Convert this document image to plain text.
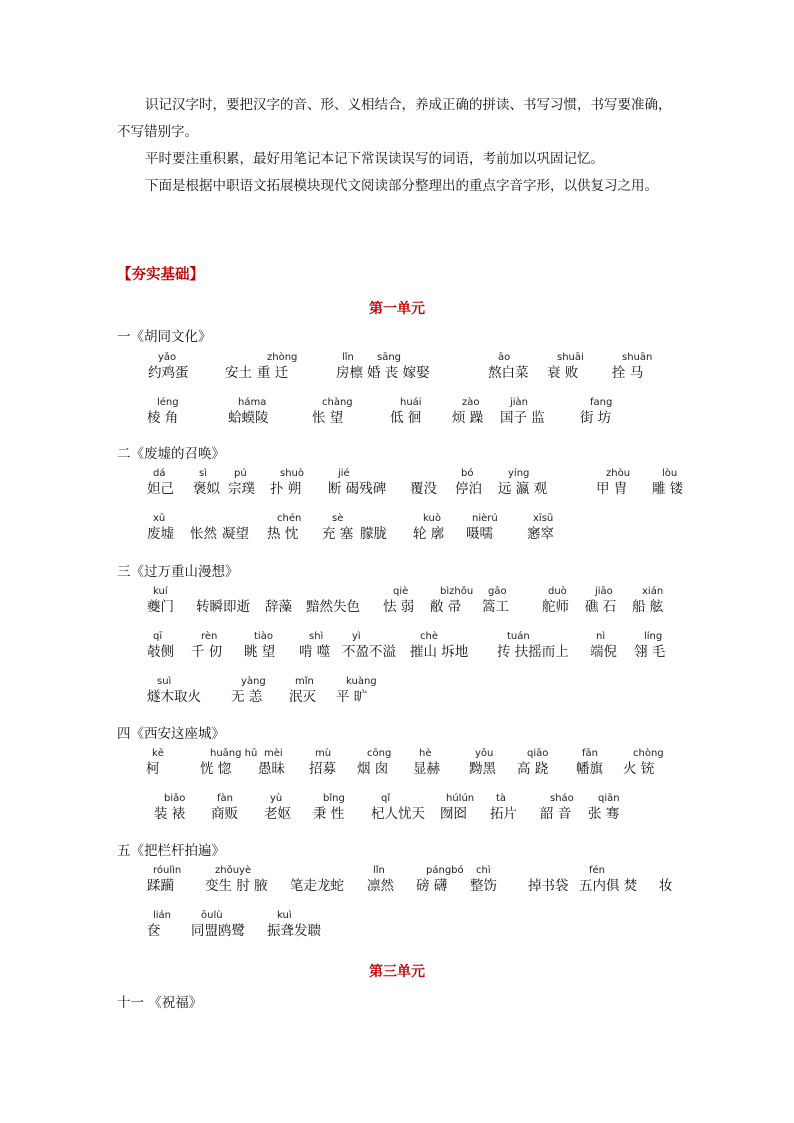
识记汉字时，要把汉字的音、形、义相结合，养成正确的拼读、书写习惯，书写要准确，不写错别字。

平时要注重积累，最好用笔记本记下常误读误写的词语，考前加以巩固记忆。

下面是根据中职语文拓展模块现代文阅读部分整理出的重点字音字形，以供复习之用。

【夯实基础】
第一单元
一《胡同文化》
yǎo
约鸡蛋	安土
zhòng
重 迁
lǐn
房檩
sāng
婚 丧 嫁娶
āo
熬白菜
shuāi
衰 败
shuān
拴 马
léng
棱 角
háma
蛤蟆陵
chàng
怅 望
huái
低 徊
zào
烦 躁
jiàn
国子 监
fang
街 坊
二《废墟的召唤》
dá
妲己
sì
褒姒
pú
宗璞
shuò
扑 朔
jié
断 碣残碑 覆没
bó
停泊
yíng
远 瀛 观
zhòu
甲 胄
lòu
雕 镂
xū
废墟 怅然 凝望
chén
热 忱
sè
充 塞 朦胧
kuò
轮 廓
nièrú
嗫嚅
xīsū
窸窣
三《过万重山漫想》
kuí
夔门 转瞬即逝 辞藻 黯然失色
qiè
怯 弱
bìzhǒu
敝 帚
gāo
篙工
duò
舵师
jiāo
礁 石
xián
船 舷
qī
攲侧
rèn
千 仞
tiào
眺 望
shì
啃 噬
yì
不盈不溢
chè
摧山 坼地
tuán
抟 扶摇而上
nì
端倪
líng
翎 毛
suì
燧木取火
yàng
无 恙
mǐn
泯灭
kuàng
平 旷
四《西安这座城》
kē
柯
huǎng hū
恍 惚
mèi
愚昧
mù
招募
cōng
烟 囱
hè
显赫
yǒu
黝黑
qiāo
高 跷
fān
幡旗
chòng
火 铳
biǎo
装 裱
fàn
商贩
yù
老妪
bǐng
秉 性
qǐ
杞人忧天
húlún
囫囵
tà
拓片
sháo
韶 音
qiān
张 骞
五《把栏杆拍遍》
róulìn
蹂躏
zhǒuyè
变生 肘 腋 笔走龙蛇
lǐn
凛然
pángbó
磅 礴
chì
整饬 掉书袋
fén
五内俱 焚 妆
lián
奁
ōulù
同盟鸥鹭
kuì
振聋发聩
十一 《祝福》
第三单元
